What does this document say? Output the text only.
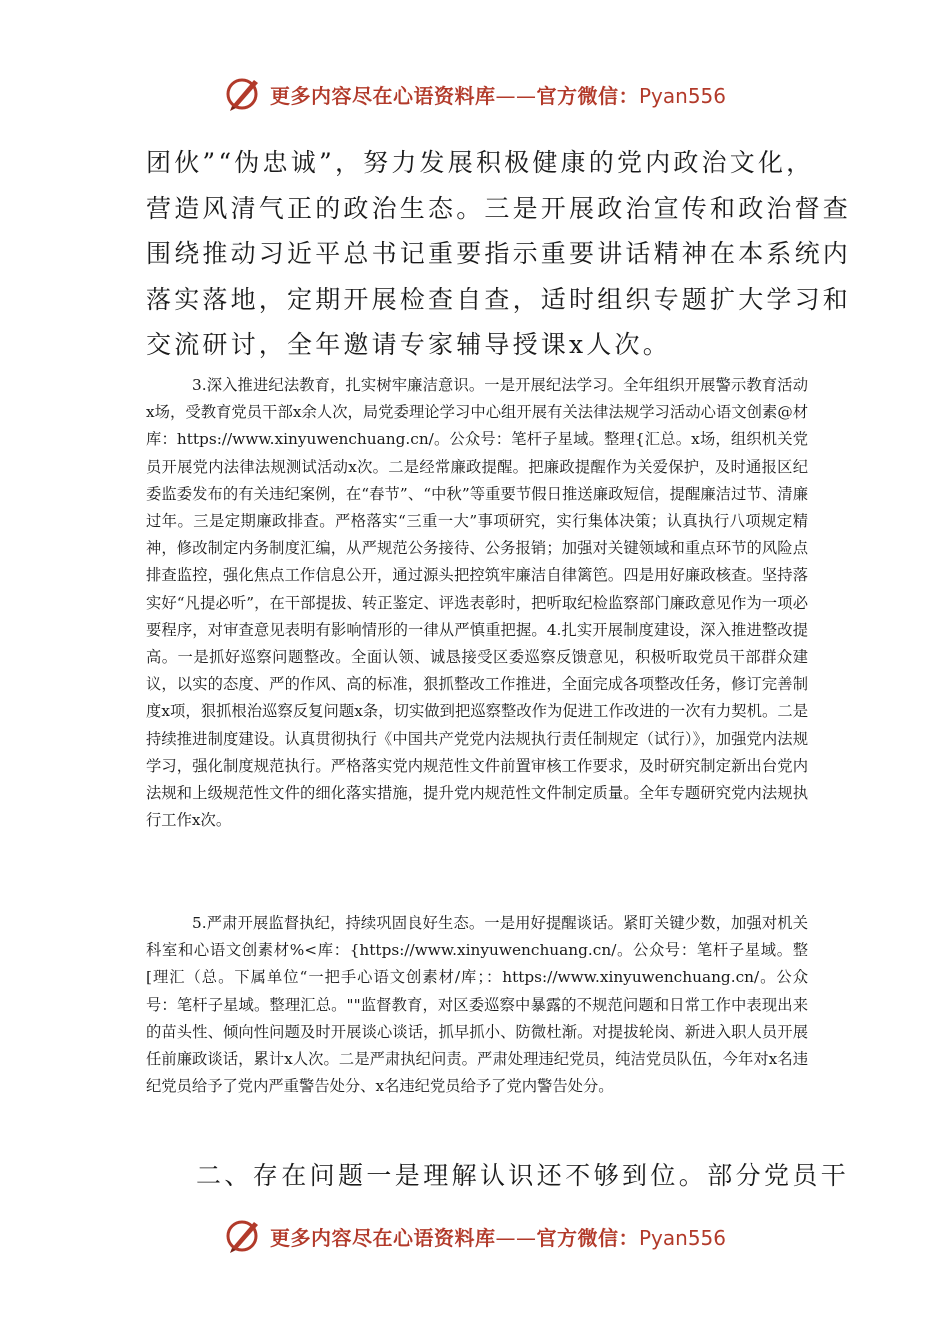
更多内容尽在心语资料库——官方微信：Pyan556
团伙”“伪忠诚”，努力发展积极健康的党内政治文化，
营造风清气正的政治生态。三是开展政治宣传和政治督查
围绕推动习近平总书记重要指示重要讲话精神在本系统内
落实落地，定期开展检查自查，适时组织专题扩大学习和
交流研讨，全年邀请专家辅导授课x人次。

3.深入推进纪法教育，扎实树牢廉洁意识。一是开展纪法学习。全年组织开展警示教育活动x场，受教育党员干部x余人次，局党委理论学习中心组开展有关法律法规学习活动心语文创素@材库：https://www.xinyuwenchuang.cn/。公众号：笔杆子星域。整理{汇总。x场，组织机关党员开展党内法律法规测试活动x次。二是经常廉政提醒。把廉政提醒作为关爱保护，及时通报区纪委监委发布的有关违纪案例，在“春节”、“中秋”等重要节假日推送廉政短信，提醒廉洁过节、清廉过年。三是定期廉政排查。严格落实“三重一大”事项研究，实行集体决策；认真执行八项规定精神，修改制定内务制度汇编，从严规范公务接待、公务报销；加强对关键领域和重点环节的风险点排查监控，强化焦点工作信息公开，通过源头把控筑牢廉洁自律篱笆。四是用好廉政核查。坚持落实好“凡提必听”，在干部提拔、转正鉴定、评选表彰时，把听取纪检监察部门廉政意见作为一项必要程序，对审查意见表明有影响情形的一律从严慎重把握。4.扎实开展制度建设，深入推进整改提高。一是抓好巡察问题整改。全面认领、诚恳接受区委巡察反馈意见，积极听取党员干部群众建议，以实的态度、严的作风、高的标准，狠抓整改工作推进，全面完成各项整改任务，修订完善制度x项，狠抓根治巡察反复问题x条，切实做到把巡察整改作为促进工作改进的一次有力契机。二是持续推进制度建设。认真贯彻执行《中国共产党党内法规执行责任制规定（试行）》，加强党内法规学习，强化制度规范执行。严格落实党内规范性文件前置审核工作要求，及时研究制定新出台党内法规和上级规范性文件的细化落实措施，提升党内规范性文件制定质量。全年专题研究党内法规执行工作x次。

5.严肃开展监督执纪，持续巩固良好生态。一是用好提醒谈话。紧盯关键少数，加强对机关科室和心语文创素材%<库：{https://www.xinyuwenchuang.cn/。公众号：笔杆子星域。整[理汇（总。下属单位“一把手心语文创素材/库；：https://www.xinyuwenchuang.cn/。公众号：笔杆子星域。整理汇总。""监督教育，对区委巡察中暴露的不规范问题和日常工作中表现出来的苗头性、倾向性问题及时开展谈心谈话，抓早抓小、防微杜渐。对提拔轮岗、新进入职人员开展任前廉政谈话，累计x人次。二是严肃执纪问责。严肃处理违纪党员，纯洁党员队伍，今年对x名违纪党员给予了党内严重警告处分、x名违纪党员给予了党内警告处分。

二、存在问题一是理解认识还不够到位。部分党员干
更多内容尽在心语资料库——官方微信：Pyan556
